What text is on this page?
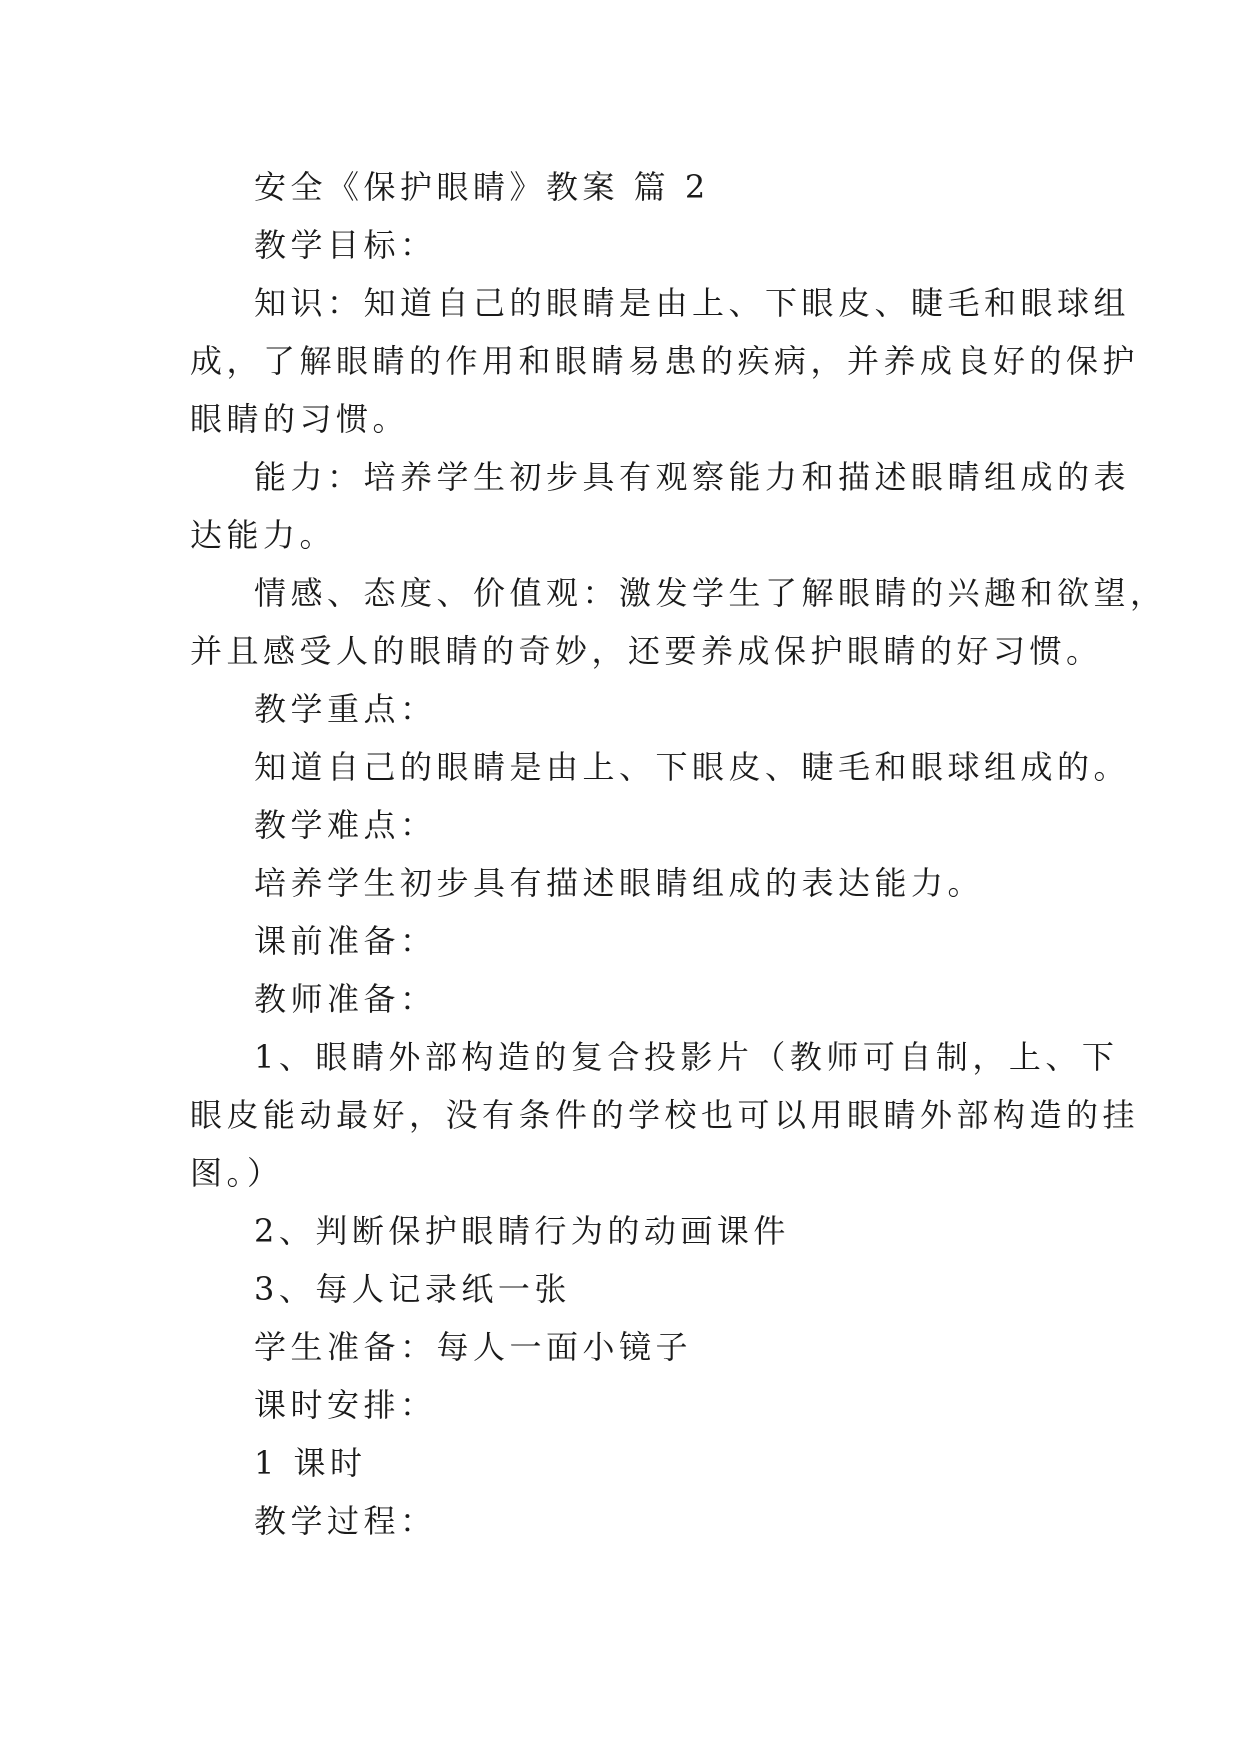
安全《保护眼睛》教案 篇 2

教学目标：

知识：知道自己的眼睛是由上、下眼皮、睫毛和眼球组
成，了解眼睛的作用和眼睛易患的疾病，并养成良好的保护
眼睛的习惯。

能力：培养学生初步具有观察能力和描述眼睛组成的表
达能力。

情感、态度、价值观：激发学生了解眼睛的兴趣和欲望，
并且感受人的眼睛的奇妙，还要养成保护眼睛的好习惯。

教学重点：

知道自己的眼睛是由上、下眼皮、睫毛和眼球组成的。

教学难点：

培养学生初步具有描述眼睛组成的表达能力。

课前准备：

教师准备：

1、眼睛外部构造的复合投影片（教师可自制，上、下
眼皮能动最好，没有条件的学校也可以用眼睛外部构造的挂
图。）

2、判断保护眼睛行为的动画课件

3、每人记录纸一张

学生准备：每人一面小镜子

课时安排：

1 课时

教学过程：
